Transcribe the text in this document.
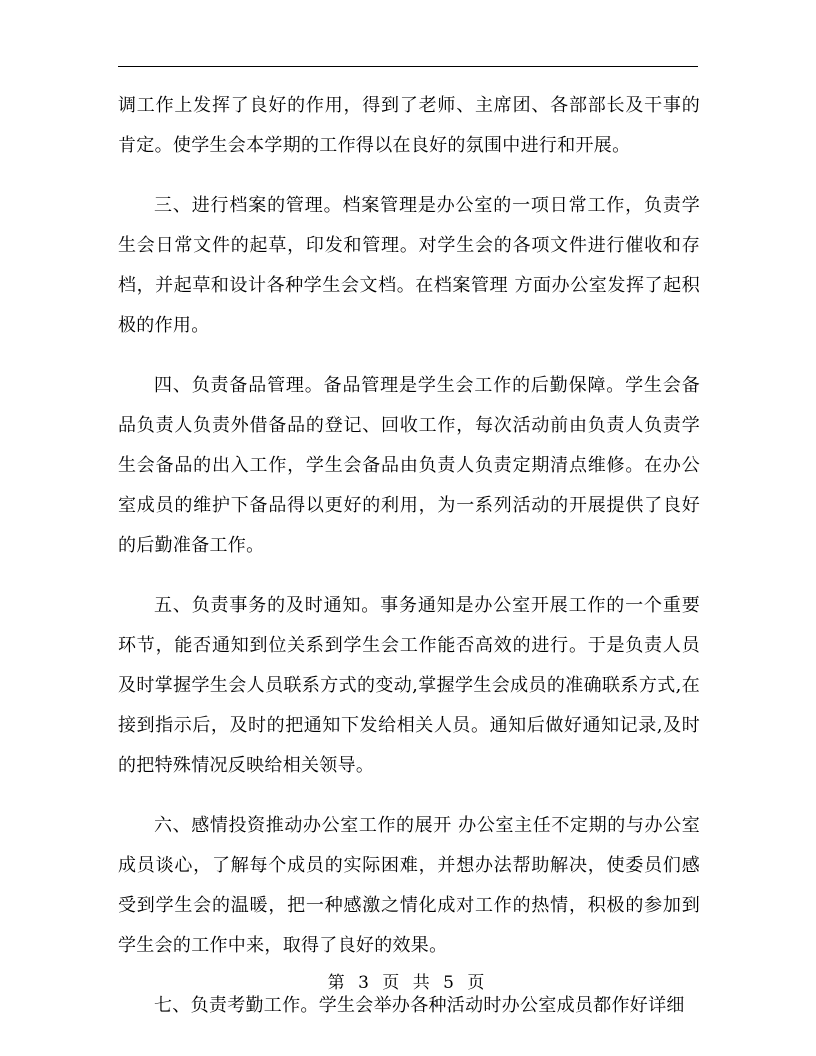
调工作上发挥了良好的作用，得到了老师、主席团、各部部长及干事的肯定。使学生会本学期的工作得以在良好的氛围中进行和开展。

三、进行档案的管理。档案管理是办公室的一项日常工作，负责学生会日常文件的起草，印发和管理。对学生会的各项文件进行催收和存档，并起草和设计各种学生会文档。在档案管理 方面办公室发挥了起积极的作用。

四、负责备品管理。备品管理是学生会工作的后勤保障。学生会备品负责人负责外借备品的登记、回收工作，每次活动前由负责人负责学生会备品的出入工作，学生会备品由负责人负责定期清点维修。在办公室成员的维护下备品得以更好的利用，为一系列活动的开展提供了良好的后勤准备工作。

五、负责事务的及时通知。事务通知是办公室开展工作的一个重要环节，能否通知到位关系到学生会工作能否高效的进行。于是负责人员及时掌握学生会人员联系方式的变动,掌握学生会成员的准确联系方式,在接到指示后，及时的把通知下发给相关人员。通知后做好通知记录,及时的把特殊情况反映给相关领导。

六、感情投资推动办公室工作的展开 办公室主任不定期的与办公室成员谈心，了解每个成员的实际困难，并想办法帮助解决，使委员们感受到学生会的温暖，把一种感激之情化成对工作的热情，积极的参加到学生会的工作中来，取得了良好的效果。

七、负责考勤工作。学生会举办各种活动时办公室成员都作好详细

第 3 页 共 5 页
